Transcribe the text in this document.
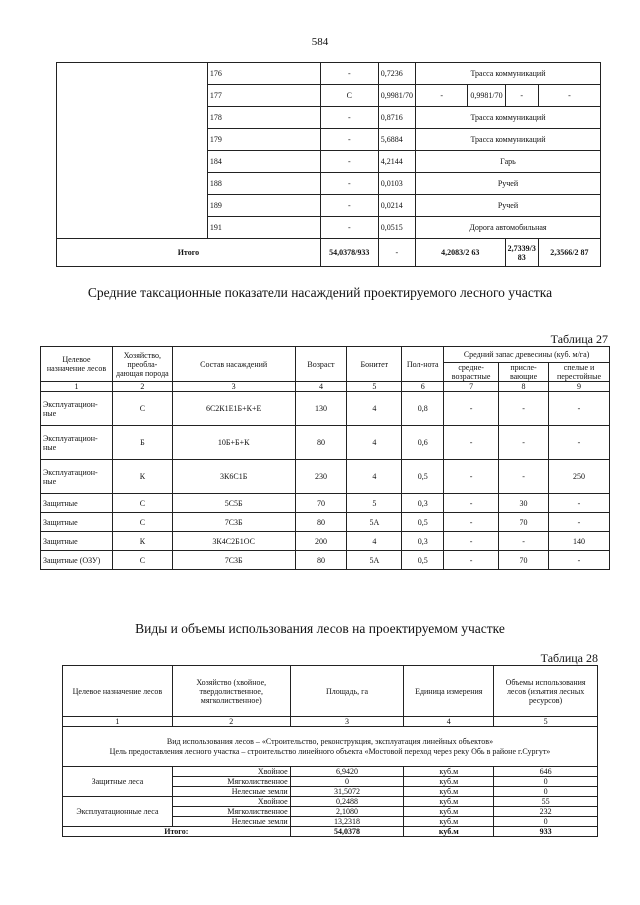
584
	176	-	0,7236	Трасса коммуникаций			
	177	С	0,9981/70	-	0,9981/70	-	-
	178	-	0,8716	Трасса коммуникаций			
	179	-	5,6884	Трасса коммуникаций			
	184	-	4,2144	Гарь			
	188	-	0,0103	Ручей			
	189	-	0,0214	Ручей			
	191	-	0,0515	Дорога автомобильная			
Итого		54,0378/933	-	4,2083/2 63		2,7339/3 83	2,3566/2 87
Средние таксационные показатели насаждений проектируемого лесного участка
Таблица 27
Целевое назначение лесов	Хозяйство, преобла-дающая порода	Состав насаждений	Возраст	Бонитет	Пол-нота	Средний запас древесины (куб. м/га)		
						средне-возрастные	присле-вающие	спелые и перестойные
1	2	3	4	5	6	7	8	9
Эксплуатацион-ные	С	6С2К1Е1Б+К+Е	130	4	0,8	-	-	-
Эксплуатацион-ные	Б	10Б+Б+К	80	4	0,6	-	-	-
Эксплуатацион-ные	К	3К6С1Б	230	4	0,5	-	-	250
Защитные	С	5С5Б	70	5	0,3	-	30	-
Защитные	С	7С3Б	80	5А	0,5	-	70	-
Защитные	К	3К4С2Б1ОС	200	4	0,3	-	-	140
Защитные (ОЗУ)	С	7С3Б	80	5А	0,5	-	70	-
Виды и объемы использования лесов на проектируемом участке
Таблица 28
Целевое назначение лесов	Хозяйство (хвойное, твердолиственное, мягколиственное)	Площадь, га	Единица измерения	Объемы использования лесов (изъятия лесных ресурсов)
1	2	3	4	5

Вид использования лесов – «Строительство, реконструкция, эксплуатация линейных объектов»
Цель предоставления лесного участка – строительство линейного объекта «Мостовой переход через реку Обь в районе г.Сургут»				

Защитные леса	Хвойное	6,9420	куб.м	646
	Мягколиственное	0	куб.м	0
	Нелесные земли	31,5072	куб.м	0
Эксплуатационные леса	Хвойное	0,2488	куб.м	55
	Мягколиственное	2,1080	куб.м	232
	Нелесные земли	13,2318	куб.м	0
Итого:		54,0378	куб.м	933
